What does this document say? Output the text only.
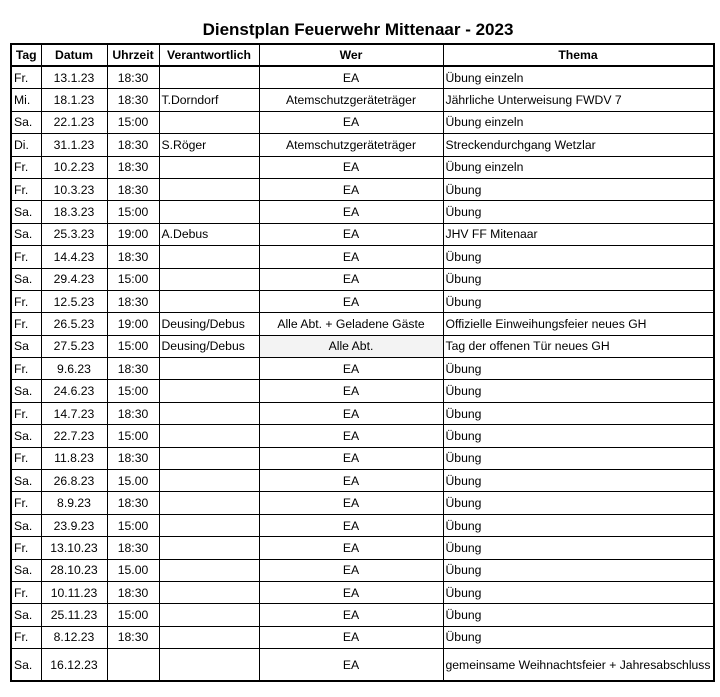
Dienstplan Feuerwehr Mittenaar - 2023
Tag	Datum	Uhrzeit	Verantwortlich	Wer	Thema
Fr.	13.1.23	18:30		EA	Übung einzeln
Mi.	18.1.23	18:30	T.Dorndorf	Atemschutzgeräteträger	Jährliche Unterweisung FWDV 7
Sa.	22.1.23	15:00		EA	Übung einzeln
Di.	31.1.23	18:30	S.Röger	Atemschutzgeräteträger	Streckendurchgang Wetzlar
Fr.	10.2.23	18:30		EA	Übung einzeln
Fr.	10.3.23	18:30		EA	Übung
Sa.	18.3.23	15:00		EA	Übung
Sa.	25.3.23	19:00	A.Debus	EA	JHV FF Mitenaar
Fr.	14.4.23	18:30		EA	Übung
Sa.	29.4.23	15:00		EA	Übung
Fr.	12.5.23	18:30		EA	Übung
Fr.	26.5.23	19:00	Deusing/Debus	Alle Abt. + Geladene Gäste	Offizielle Einweihungsfeier neues GH
Sa	27.5.23	15:00	Deusing/Debus	Alle Abt.	Tag der offenen Tür neues GH
Fr.	9.6.23	18:30		EA	Übung
Sa.	24.6.23	15:00		EA	Übung
Fr.	14.7.23	18:30		EA	Übung
Sa.	22.7.23	15:00		EA	Übung
Fr.	11.8.23	18:30		EA	Übung
Sa.	26.8.23	15.00		EA	Übung
Fr.	8.9.23	18:30		EA	Übung
Sa.	23.9.23	15:00		EA	Übung
Fr.	13.10.23	18:30		EA	Übung
Sa.	28.10.23	15.00		EA	Übung
Fr.	10.11.23	18:30		EA	Übung
Sa.	25.11.23	15:00		EA	Übung
Fr.	8.12.23	18:30		EA	Übung
Sa.	16.12.23			EA	gemeinsame Weihnachtsfeier + Jahresabschluss
